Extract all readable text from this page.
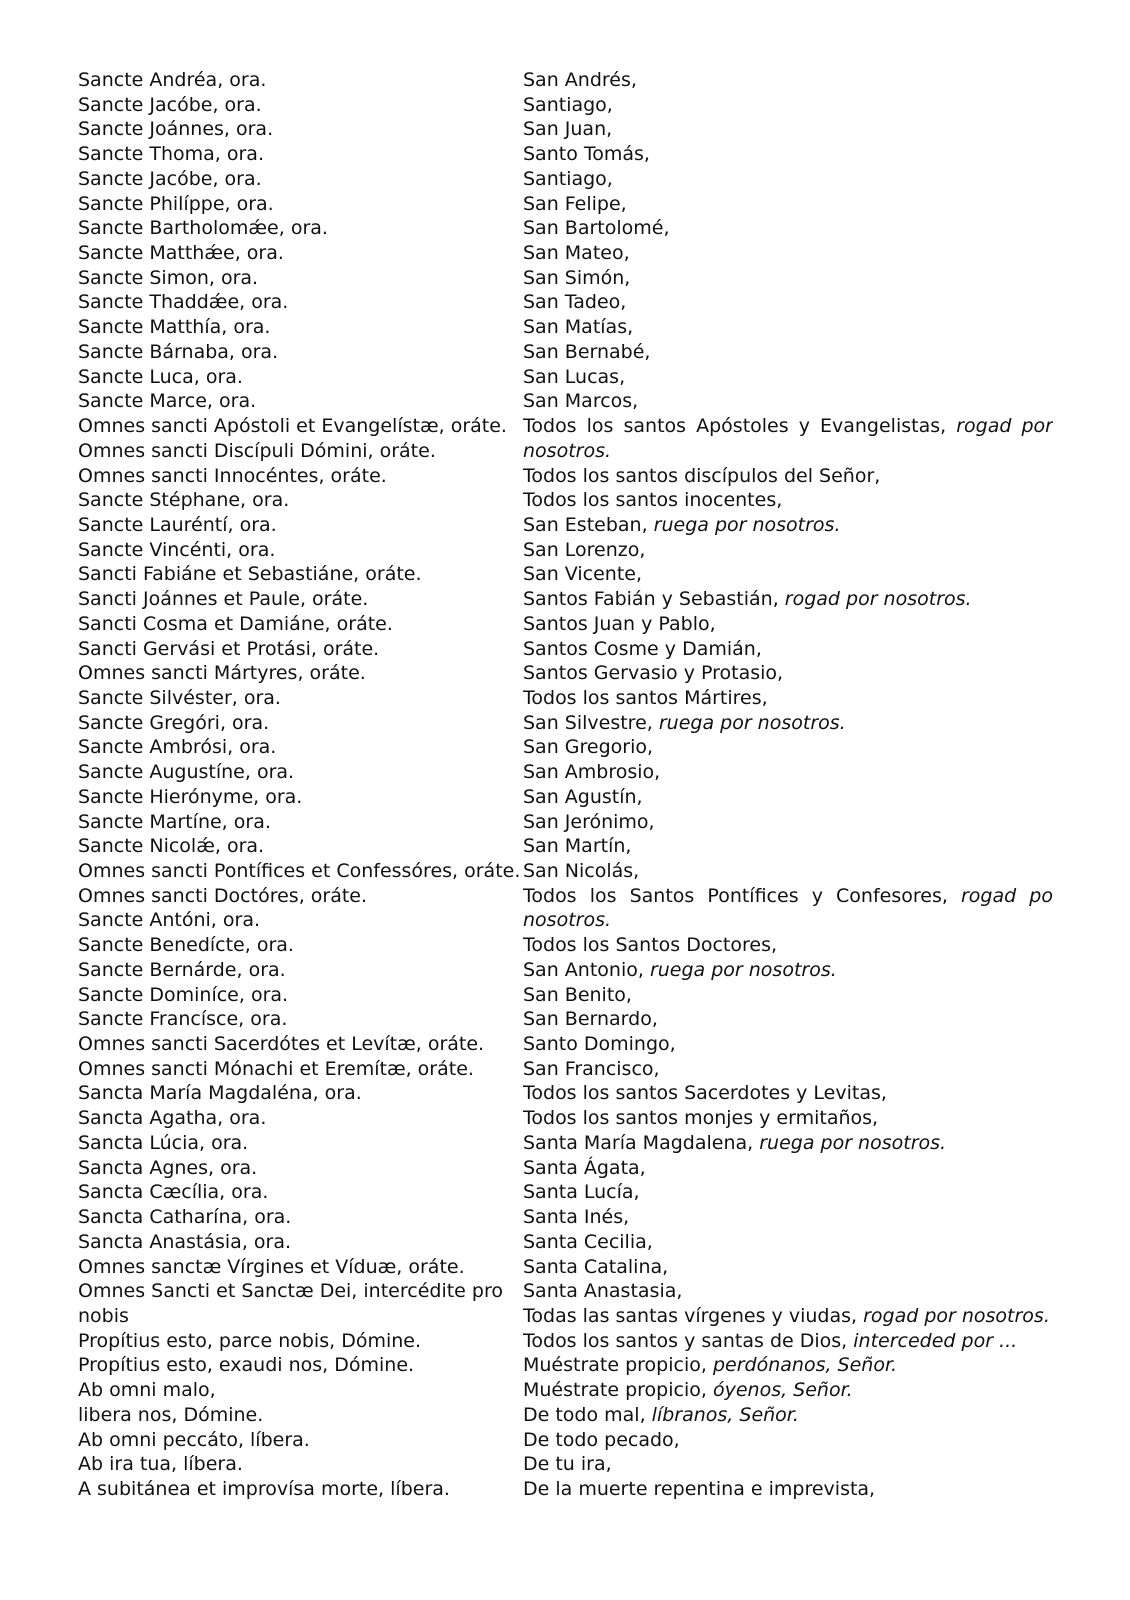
Sancte Andréa, ora.
Sancte Jacóbe, ora.
Sancte Joánnes, ora.
Sancte Thoma, ora.
Sancte Jacóbe, ora.
Sancte Philíppe, ora.
Sancte Bartholomǽe, ora.
Sancte Matthǽe, ora.
Sancte Simon, ora.
Sancte Thaddǽe, ora.
Sancte Matthía, ora.
Sancte Bárnaba, ora.
Sancte Luca, ora.
Sancte Marce, ora.
Omnes sancti Apóstoli et Evangelístæ, oráte.
Omnes sancti Discípuli Dómini, oráte.
Omnes sancti Innocéntes, oráte.
Sancte Stéphane, ora.
Sancte Lauréntí, ora.
Sancte Vincénti, ora.
Sancti Fabiáne et Sebastiáne, oráte.
Sancti Joánnes et Paule, oráte.
Sancti Cosma et Damiáne, oráte.
Sancti Gervási et Protási, oráte.
Omnes sancti Mártyres, oráte.
Sancte Silvéster, ora.
Sancte Gregóri, ora.
Sancte Ambrósi, ora.
Sancte Augustíne, ora.
Sancte Hierónyme, ora.
Sancte Martíne, ora.
Sancte Nicolǽ, ora.
Omnes sancti Pontífices et Confessóres, oráte.
Omnes sancti Doctóres, oráte.
Sancte Antóni, ora.
Sancte Benedícte, ora.
Sancte Bernárde, ora.
Sancte Dominíce, ora.
Sancte Francísce, ora.
Omnes sancti Sacerdótes et Levítæ, oráte.
Omnes sancti Mónachi et Eremítæ, oráte.
Sancta María Magdaléna, ora.
Sancta Agatha, ora.
Sancta Lúcia, ora.
Sancta Agnes, ora.
Sancta Cæcília, ora.
Sancta Catharína, ora.
Sancta Anastásia, ora.
Omnes sanctæ Vírgines et Víduæ, oráte.
Omnes Sancti et Sanctæ Dei, intercédite pro
nobis
Propítius esto, parce nobis, Dómine.
Propítius esto, exaudi nos, Dómine.
Ab omni malo,
libera nos, Dómine.
Ab omni peccáto, líbera.
Ab ira tua, líbera.
A subitánea et improvísa morte, líbera.
San Andrés,
Santiago,
San Juan,
Santo Tomás,
Santiago,
San Felipe,
San Bartolomé,
San Mateo,
San Simón,
San Tadeo,
San Matías,
San Bernabé,
San Lucas,
San Marcos,
Todos los santos Apóstoles y Evangelistas, rogad por
nosotros.
Todos los santos discípulos del Señor,
Todos los santos inocentes,
San Esteban, ruega por nosotros.
San Lorenzo,
San Vicente,
Santos Fabián y Sebastián, rogad por nosotros.
Santos Juan y Pablo,
Santos Cosme y Damián,
Santos Gervasio y Protasio,
Todos los santos Mártires,
San Silvestre, ruega por nosotros.
San Gregorio,
San Ambrosio,
San Agustín,
San Jerónimo,
San Martín,
San Nicolás,
Todos los Santos Pontífices y Confesores, rogad po
nosotros.
Todos los Santos Doctores,
San Antonio, ruega por nosotros.
San Benito,
San Bernardo,
Santo Domingo,
San Francisco,
Todos los santos Sacerdotes y Levitas,
Todos los santos monjes y ermitaños,
Santa María Magdalena, ruega por nosotros.
Santa Ágata,
Santa Lucía,
Santa Inés,
Santa Cecilia,
Santa Catalina,
Santa Anastasia,
Todas las santas vírgenes y viudas, rogad por nosotros.
Todos los santos y santas de Dios, interceded por ...
Muéstrate propicio, perdónanos, Señor.
Muéstrate propicio, óyenos, Señor.
De todo mal, líbranos, Señor.
De todo pecado,
De tu ira,
De la muerte repentina e imprevista,
